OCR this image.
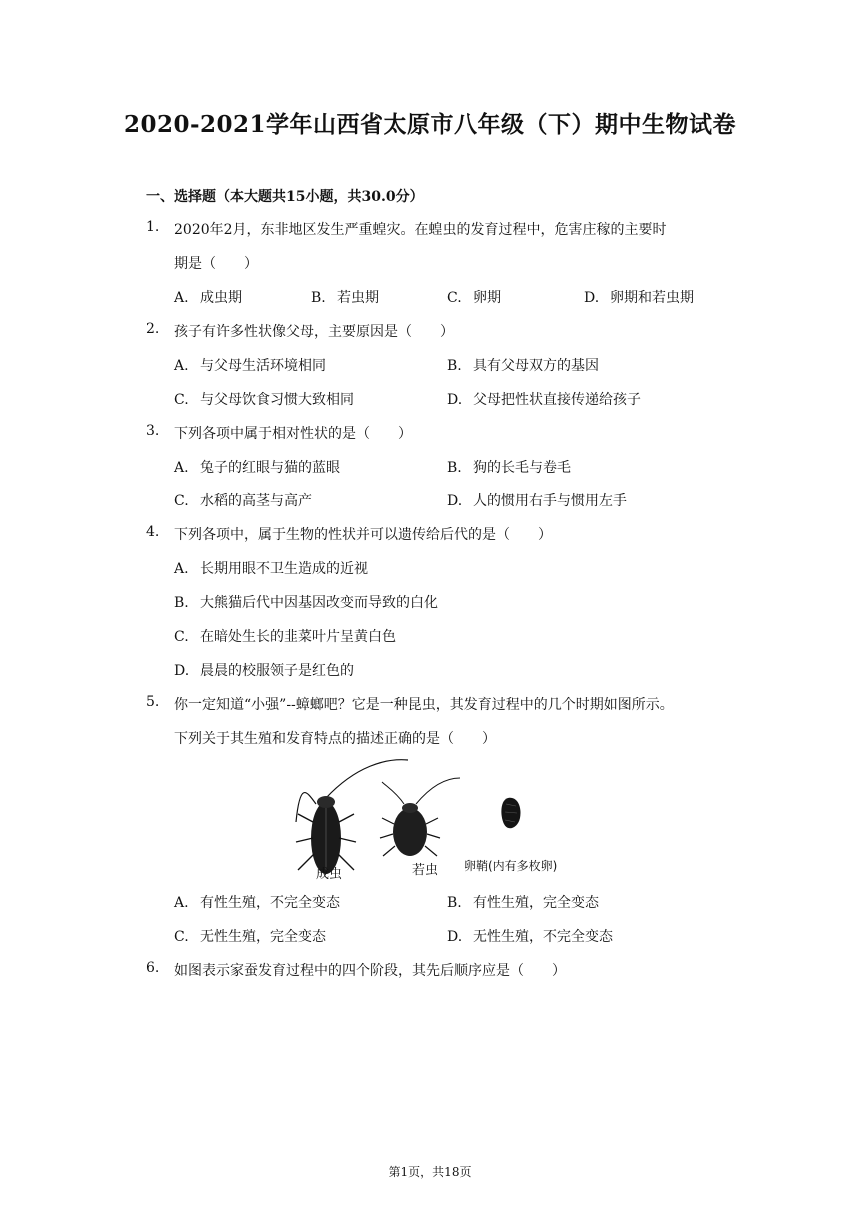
2020-2021学年山西省太原市八年级（下）期中生物试卷
一、选择题（本大题共15小题，共30.0分）
1. 2020年2月，东非地区发生严重蝗灾。在蝗虫的发育过程中，危害庄稼的主要时
期是（　　）
A. 成虫期	B. 若虫期	C. 卵期	D. 卵期和若虫期
2. 孩子有许多性状像父母，主要原因是（　　）
A. 与父母生活环境相同	B. 具有父母双方的基因
C. 与父母饮食习惯大致相同	D. 父母把性状直接传递给孩子
3. 下列各项中属于相对性状的是（　　）
A. 兔子的红眼与猫的蓝眼	B. 狗的长毛与卷毛
C. 水稻的高茎与高产	D. 人的惯用右手与惯用左手
4. 下列各项中，属于生物的性状并可以遗传给后代的是（　　）
A. 长期用眼不卫生造成的近视
B. 大熊猫后代中因基因改变而导致的白化
C. 在暗处生长的韭菜叶片呈黄白色
D. 晨晨的校服领子是红色的
5. 你一定知道“小强”--蟑螂吧？它是一种昆虫，其发育过程中的几个时期如图所示。
下列关于其生殖和发育特点的描述正确的是（　　）
成虫	若虫 卵鞘(内有多枚卵)
A. 有性生殖，不完全变态	B. 有性生殖，完全变态
C. 无性生殖，完全变态	D. 无性生殖，不完全变态
6. 如图表示家蚕发育过程中的四个阶段，其先后顺序应是（　　）
第1页，共18页
